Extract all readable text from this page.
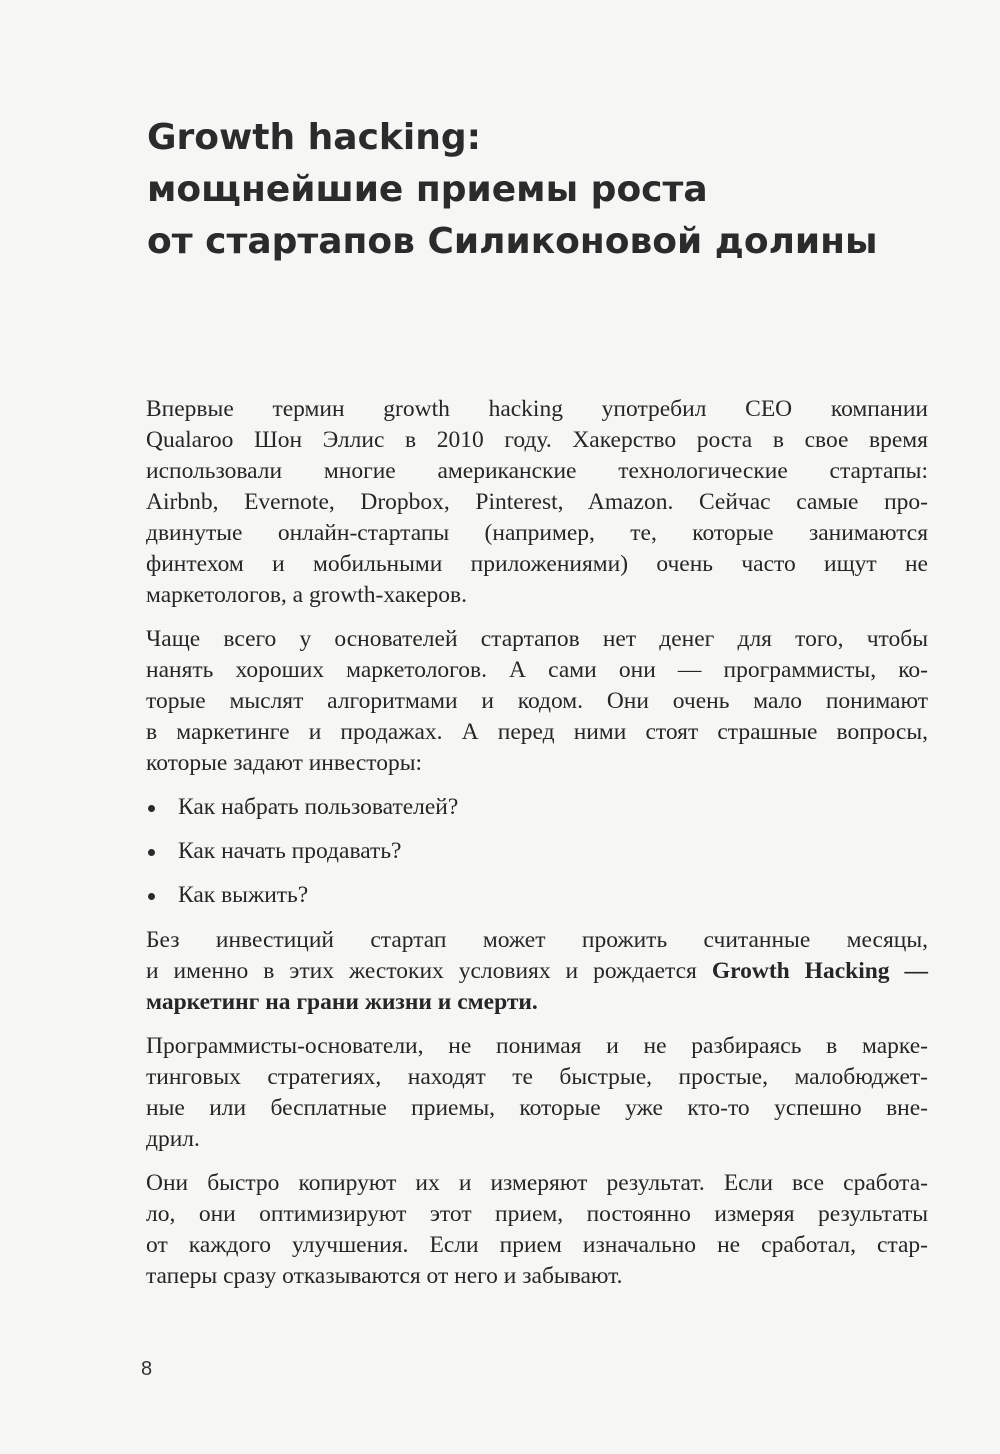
Growth hacking:
мощнейшие приемы роста
от стартапов Силиконовой долины

Впервые термин growth hacking употребил CEO компании
Qualaroo Шон Эллис в 2010 году. Хакерство роста в свое время
использовали многие американские технологические стартапы:
Airbnb, Evernote, Dropbox, Pinterest, Amazon. Сейчас самые про-
двинутые онлайн-стартапы (например, те, которые занимаются
финтехом и мобильными приложениями) очень часто ищут не
маркетологов, а growth-хакеров.

Чаще всего у основателей стартапов нет денег для того, чтобы
нанять хороших маркетологов. А сами они — программисты, ко-
торые мыслят алгоритмами и кодом. Они очень мало понимают
в маркетинге и продажах. А перед ними стоят страшные вопросы,
которые задают инвесторы:

Как набрать пользователей?
Как начать продавать?
Как выжить?

Без инвестиций стартап может прожить считанные месяцы,
и именно в этих жестоких условиях и рождается Growth Hacking —
маркетинг на грани жизни и смерти.

Программисты-основатели, не понимая и не разбираясь в марке-
тинговых стратегиях, находят те быстрые, простые, малобюджет-
ные или бесплатные приемы, которые уже кто-то успешно вне-
дрил.

Они быстро копируют их и измеряют результат. Если все сработа-
ло, они оптимизируют этот прием, постоянно измеряя результаты
от каждого улучшения. Если прием изначально не сработал, стар-
таперы сразу отказываются от него и забывают.

8
